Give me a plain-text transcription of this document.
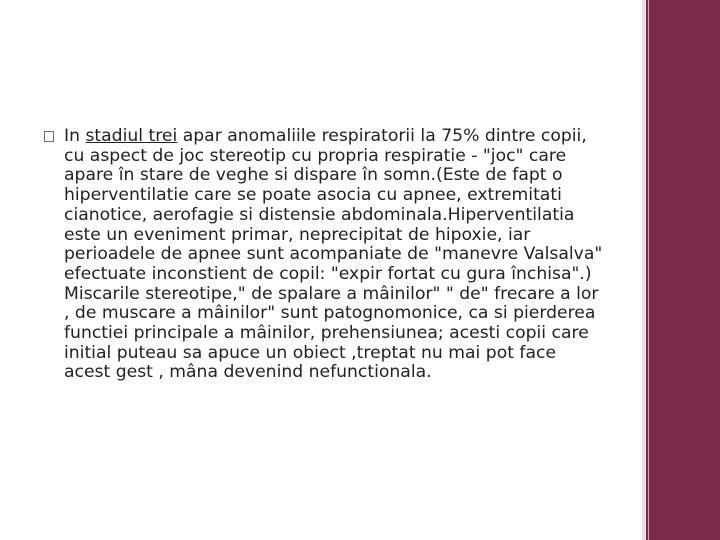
In stadiul trei apar anomaliile respiratorii la 75% dintre copii, cu aspect de joc stereotip cu propria respiratie - "joc" care apare în stare de veghe si dispare în somn.(Este de fapt o hiperventilatie care se poate asocia cu apnee, extremitati cianotice, aerofagie si distensie abdominala.Hiperventilatia este un eveniment primar, neprecipitat de hipoxie, iar perioadele de apnee sunt acompaniate de "manevre Valsalva" efectuate inconstient de copil: "expir fortat cu gura închisa".)

Miscarile stereotipe," de spalare a mâinilor" " de" frecare a lor , de muscare a mâinilor" sunt patognomonice, ca si pierderea functiei principale a mâinilor, prehensiunea; acesti copii care initial puteau sa apuce un obiect ,treptat nu mai pot face acest gest , mâna devenind nefunctionala.
